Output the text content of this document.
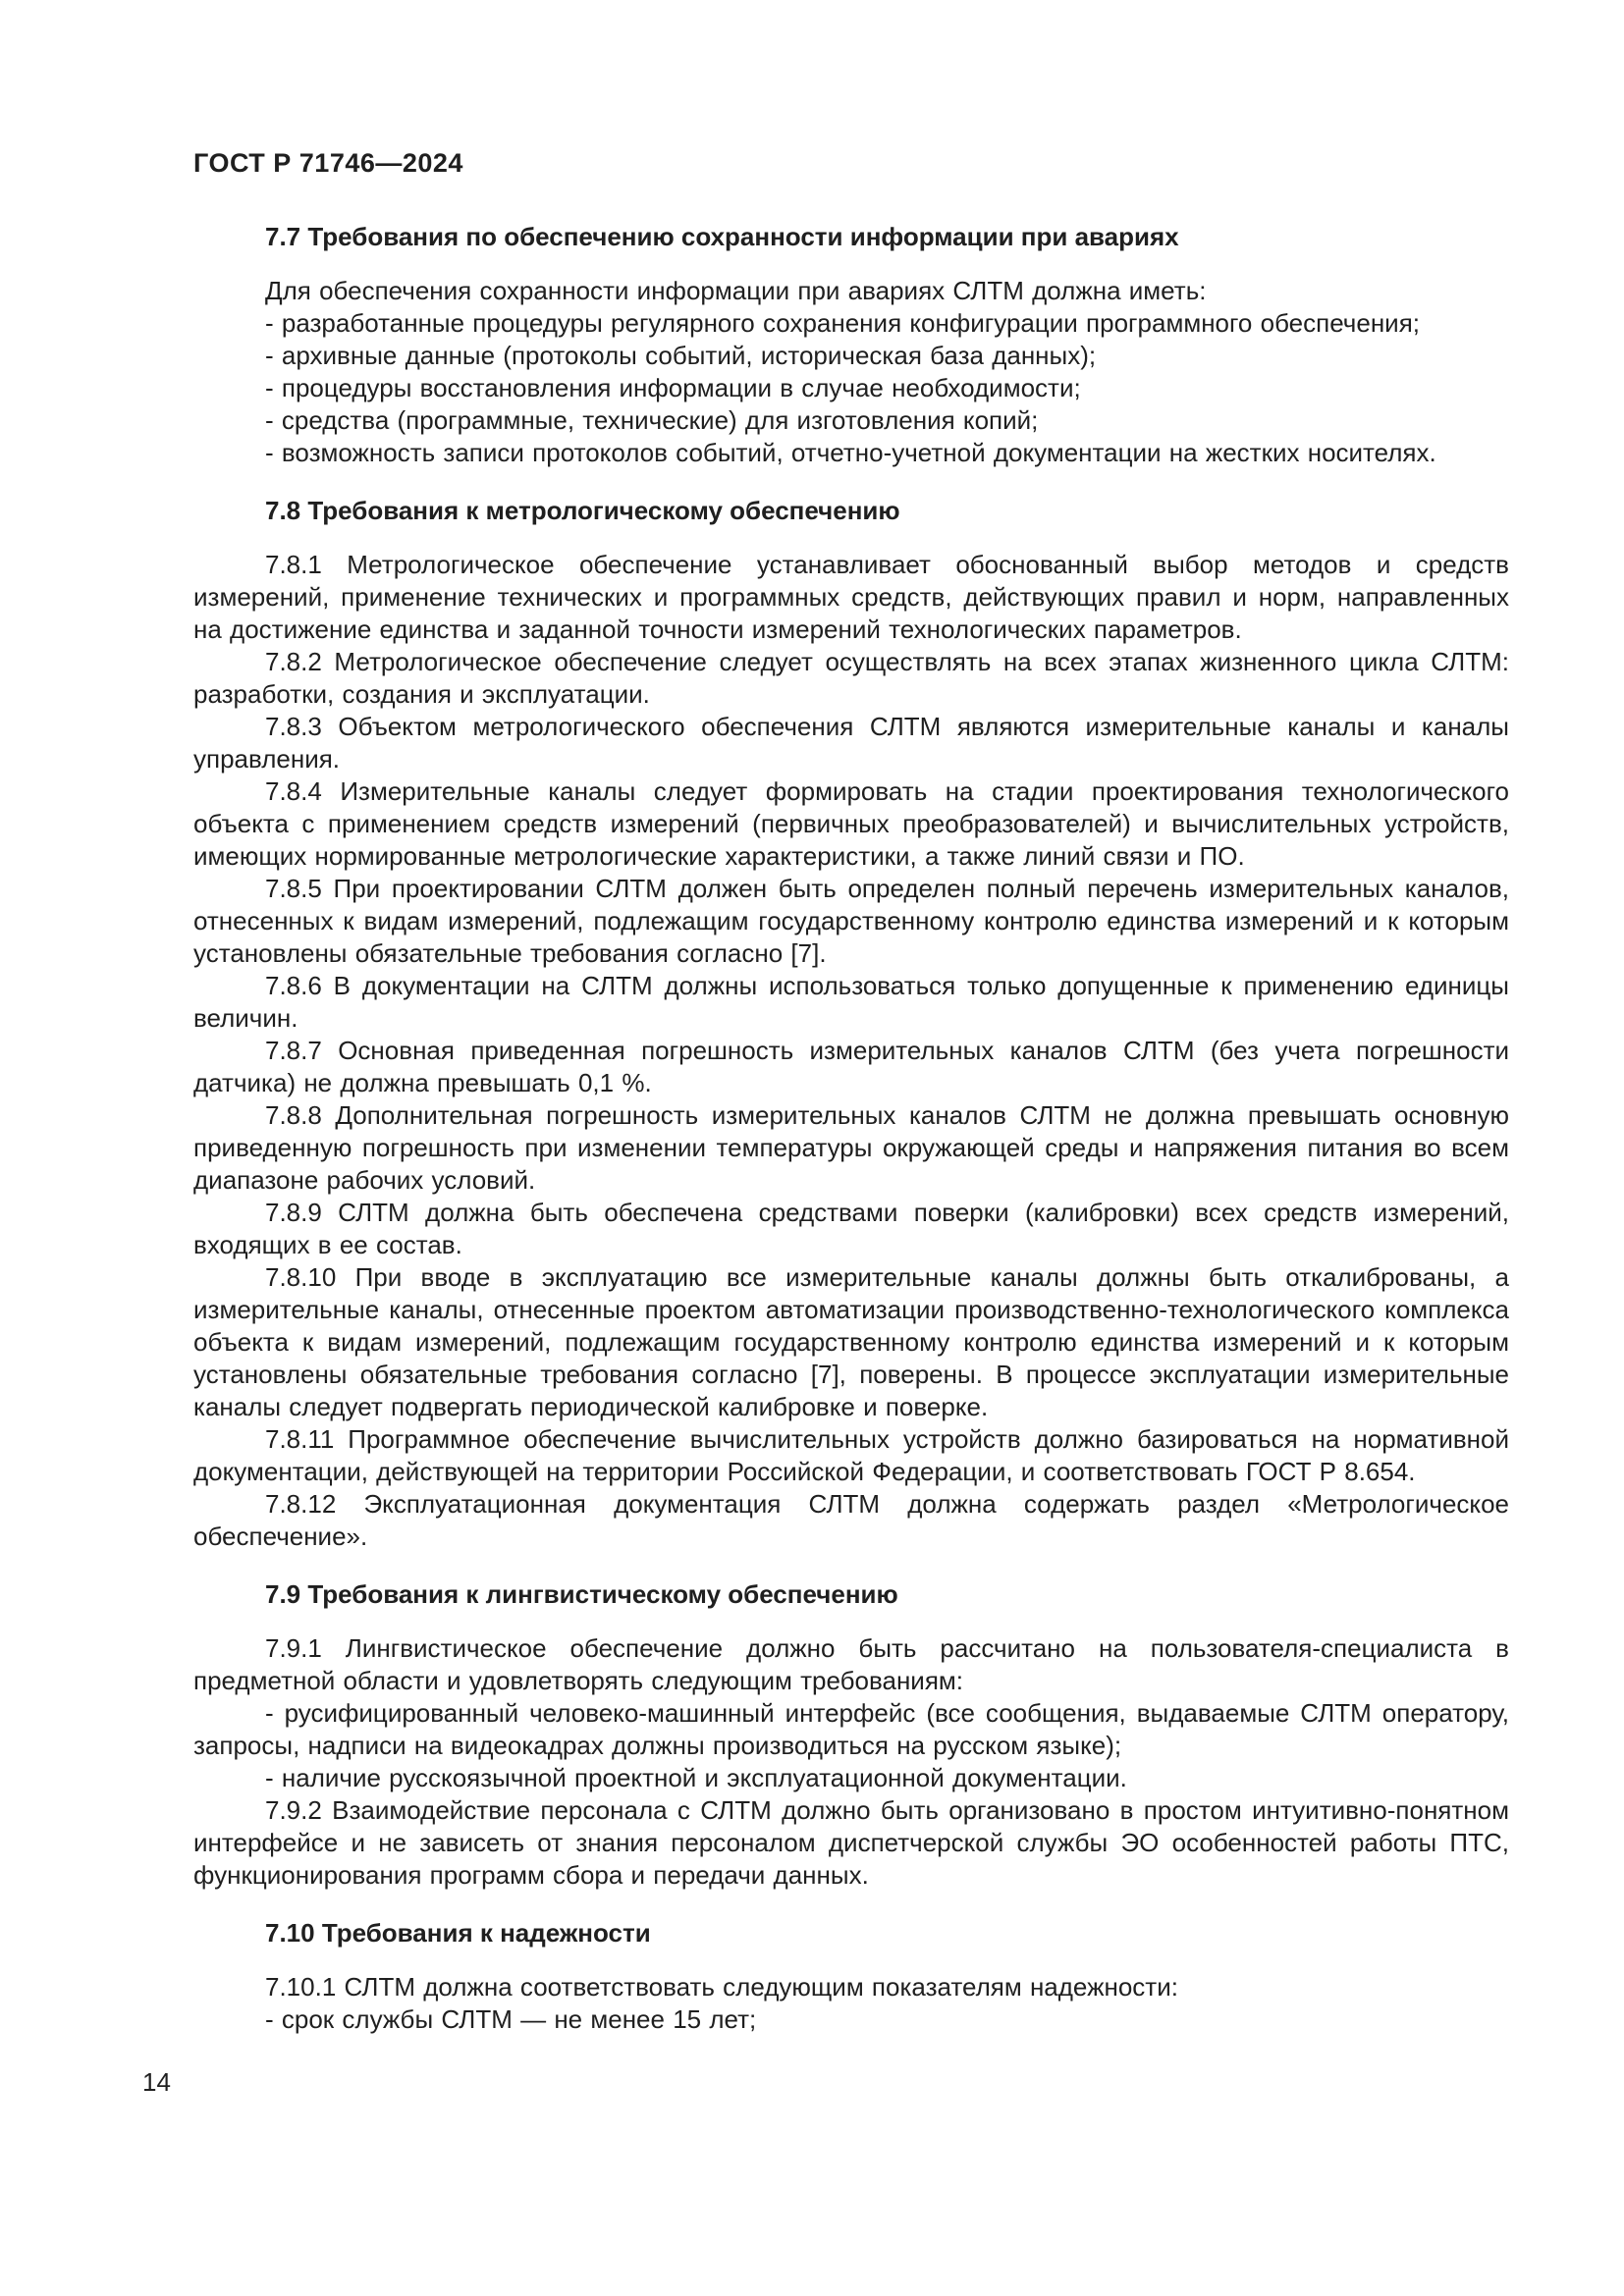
ГОСТ Р 71746—2024

7.7 Требования по обеспечению сохранности информации при авариях

Для обеспечения сохранности информации при авариях СЛТМ должна иметь:

- разработанные процедуры регулярного сохранения конфигурации программного обеспечения;

- архивные данные (протоколы событий, историческая база данных);

- процедуры восстановления информации в случае необходимости;

- средства (программные, технические) для изготовления копий;

- возможность записи протоколов событий, отчетно-учетной документации на жестких носителях.

7.8 Требования к метрологическому обеспечению

7.8.1 Метрологическое обеспечение устанавливает обоснованный выбор методов и средств измерений, применение технических и программных средств, действующих правил и норм, направленных на достижение единства и заданной точности измерений технологических параметров.

7.8.2 Метрологическое обеспечение следует осуществлять на всех этапах жизненного цикла СЛТМ: разработки, создания и эксплуатации.

7.8.3 Объектом метрологического обеспечения СЛТМ являются измерительные каналы и каналы управления.

7.8.4 Измерительные каналы следует формировать на стадии проектирования технологического объекта с применением средств измерений (первичных преобразователей) и вычислительных устройств, имеющих нормированные метрологические характеристики, а также линий связи и ПО.

7.8.5 При проектировании СЛТМ должен быть определен полный перечень измерительных каналов, отнесенных к видам измерений, подлежащим государственному контролю единства измерений и к которым установлены обязательные требования согласно [7].

7.8.6 В документации на СЛТМ должны использоваться только допущенные к применению единицы величин.

7.8.7 Основная приведенная погрешность измерительных каналов СЛТМ (без учета погрешности датчика) не должна превышать 0,1 %.

7.8.8 Дополнительная погрешность измерительных каналов СЛТМ не должна превышать основную приведенную погрешность при изменении температуры окружающей среды и напряжения питания во всем диапазоне рабочих условий.

7.8.9 СЛТМ должна быть обеспечена средствами поверки (калибровки) всех средств измерений, входящих в ее состав.

7.8.10 При вводе в эксплуатацию все измерительные каналы должны быть откалиброваны, а измерительные каналы, отнесенные проектом автоматизации производственно-технологического комплекса объекта к видам измерений, подлежащим государственному контролю единства измерений и к которым установлены обязательные требования согласно [7], поверены. В процессе эксплуатации измерительные каналы следует подвергать периодической калибровке и поверке.

7.8.11 Программное обеспечение вычислительных устройств должно базироваться на нормативной документации, действующей на территории Российской Федерации, и соответствовать ГОСТ Р 8.654.

7.8.12 Эксплуатационная документация СЛТМ должна содержать раздел «Метрологическое обеспечение».

7.9 Требования к лингвистическому обеспечению

7.9.1 Лингвистическое обеспечение должно быть рассчитано на пользователя-специалиста в предметной области и удовлетворять следующим требованиям:

- русифицированный человеко-машинный интерфейс (все сообщения, выдаваемые СЛТМ оператору, запросы, надписи на видеокадрах должны производиться на русском языке);

- наличие русскоязычной проектной и эксплуатационной документации.

7.9.2 Взаимодействие персонала с СЛТМ должно быть организовано в простом интуитивно-понятном интерфейсе и не зависеть от знания персоналом диспетчерской службы ЭО особенностей работы ПТС, функционирования программ сбора и передачи данных.

7.10 Требования к надежности

7.10.1 СЛТМ должна соответствовать следующим показателям надежности:

- срок службы СЛТМ — не менее 15 лет;

14
